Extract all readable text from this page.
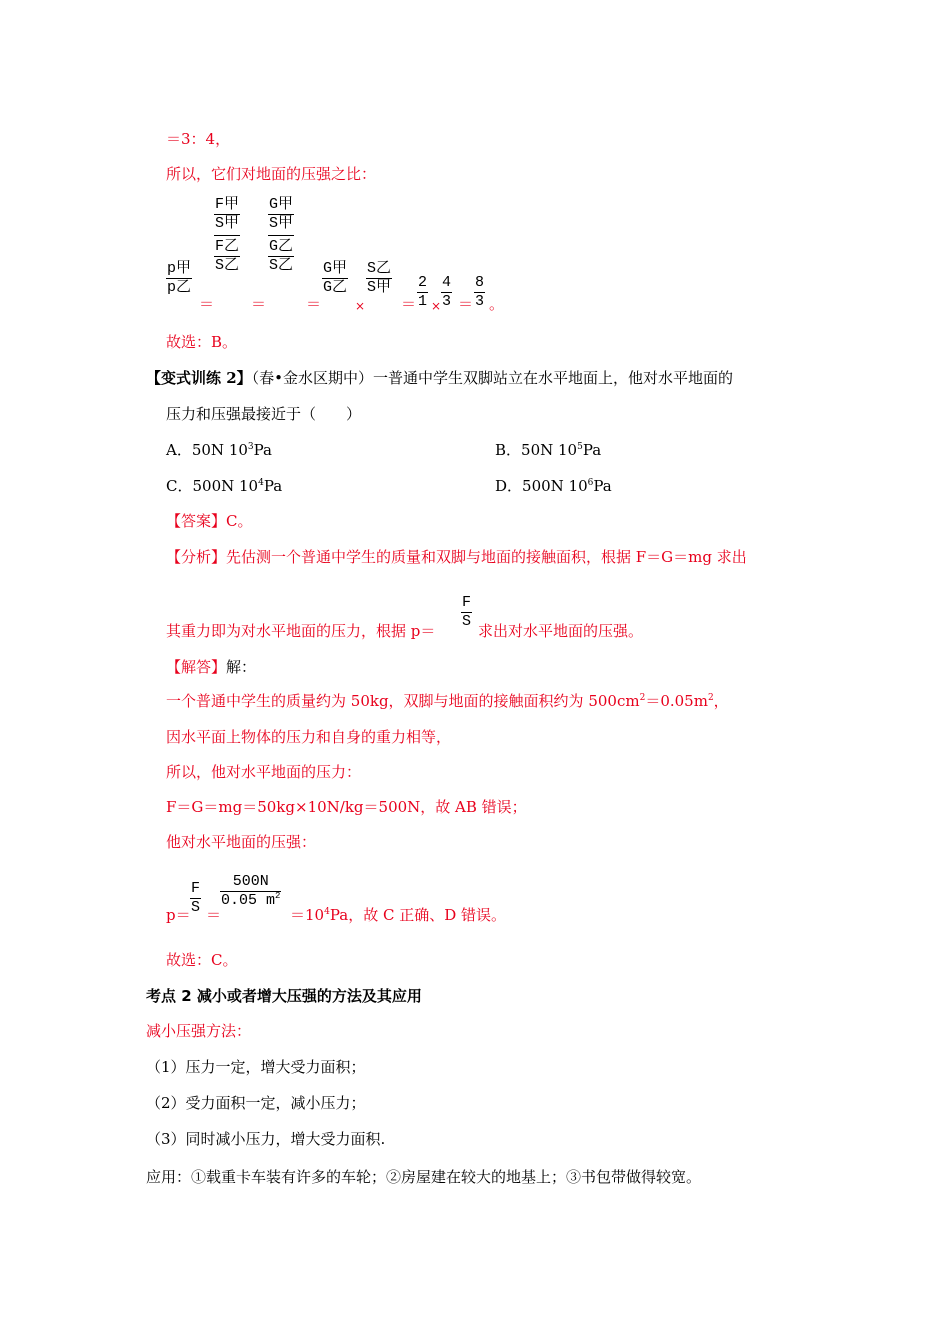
＝3：4，
所以，它们对地面的压强之比：
p甲
p乙
＝
F甲
S甲
F乙
S乙
＝
G甲
S甲
G乙
S乙
＝
G甲
G乙
×
S乙
S甲
＝ $\frac{2}{1} \times \frac{4}{3} = \frac{8}{3}$ 。
故选：B。
【变式训练 2】（春•金水区期中）一普通中学生双脚站立在水平地面上，他对水平地面的
压力和压强最接近于（　　）
A．50N $10^3Pa$	B．50N $10^5Pa$
C．500N $10^4Pa$	D．500N $10^6Pa$
【答案】C。
【分析】先估测一个普通中学生的质量和双脚与地面的接触面积，根据 F＝G＝mg 求出
其重力即为对水平地面的压力，根据 $p= \frac{F}{S}$ 求出对水平地面的压强。
【解答】解：
一个普通中学生的质量约为 50kg，双脚与地面的接触面积约为 $500cm^2=0.05m^2$，
因水平面上物体的压力和自身的重力相等，
所以，他对水平地面的压力：
F＝G＝mg＝50kg×10N/kg＝500N，故 AB 错误；
他对水平地面的压强：
$p= \frac{F}{S}$ ＝
$\frac{500N}{0.05 m^2}$
$=10^4Pa$，故 C 正确、D 错误。
故选：C。
考点 2 减小或者增大压强的方法及其应用
减小压强方法：
（1）压力一定，增大受力面积；
（2）受力面积一定，减小压力；
（3）同时减小压力，增大受力面积.
应用：①载重卡车装有许多的车轮；②房屋建在较大的地基上；③书包带做得较宽。
